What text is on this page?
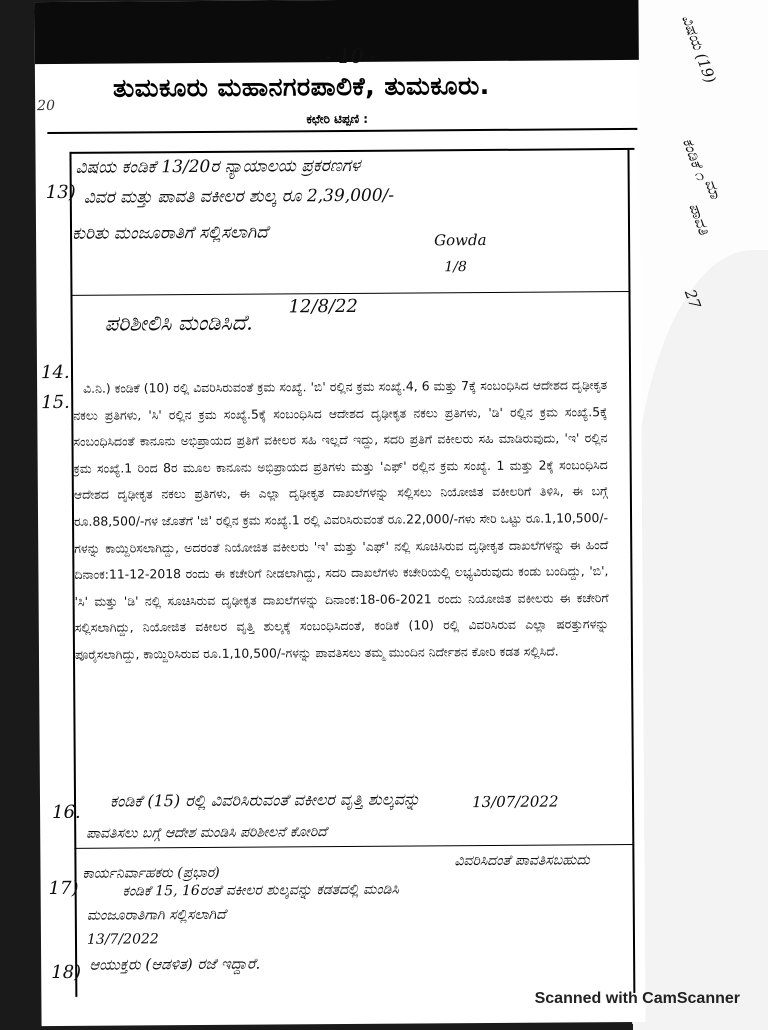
ವಿಷಯ (19)
ಕಂಡಿಕೆ ೧
ಪಾವತಿ
ಮಾ
27
- 10 -
20
ತುಮಕೂರು ಮಹಾನಗರಪಾಲಿಕೆ, ತುಮಕೂರು.
ಕಛೇರಿ ಟಿಪ್ಪಣಿ :
13)
ವಿಷಯ ಕಂಡಿಕೆ 13/20ರ ನ್ಯಾಯಾಲಯ ಪ್ರಕರಣಗಳ
ವಿವರ ಮತ್ತು ಪಾವತಿ ವಕೀಲರ ಶುಲ್ಕ ರೂ 2,39,000/-
ಕುರಿತು ಮಂಜೂರಾತಿಗೆ ಸಲ್ಲಿಸಲಾಗಿದೆ	Gowda
1/8
14.
ಪರಿಶೀಲಿಸಿ ಮಂಡಿಸಿದೆ.
12/8/22
15.

ವಿ.ನಿ.) ಕಂಡಿಕೆ (10) ರಲ್ಲಿ ವಿವರಿಸಿರುವಂತೆ ಕ್ರಮ ಸಂಖ್ಯೆ. 'ಬಿ' ರಲ್ಲಿನ ಕ್ರಮ ಸಂಖ್ಯೆ.4, 6 ಮತ್ತು 7ಕ್ಕೆ ಸಂಬಂಧಿಸಿದ ಆದೇಶದ ದೃಢೀಕೃತ ನಕಲು ಪ್ರತಿಗಳು, 'ಸಿ' ರಲ್ಲಿನ ಕ್ರಮ ಸಂಖ್ಯೆ.5ಕ್ಕೆ ಸಂಬಂಧಿಸಿದ ಆದೇಶದ ದೃಢೀಕೃತ ನಕಲು ಪ್ರತಿಗಳು, 'ಡಿ' ರಲ್ಲಿನ ಕ್ರಮ ಸಂಖ್ಯೆ.5ಕ್ಕೆ ಸಂಬಂಧಿಸಿದಂತೆ ಕಾನೂನು ಅಭಿಪ್ರಾಯದ ಪ್ರತಿಗೆ ವಕೀಲರ ಸಹಿ ಇಲ್ಲದೆ ಇದ್ದು, ಸದರಿ ಪ್ರತಿಗೆ ವಕೀಲರು ಸಹಿ ಮಾಡಿರುವುದು, 'ಇ' ರಲ್ಲಿನ ಕ್ರಮ ಸಂಖ್ಯೆ.1 ರಿಂದ 8ರ ಮೂಲ ಕಾನೂನು ಅಭಿಪ್ರಾಯದ ಪ್ರತಿಗಳು ಮತ್ತು 'ಎಫ್' ರಲ್ಲಿನ ಕ್ರಮ ಸಂಖ್ಯೆ. 1 ಮತ್ತು 2ಕ್ಕೆ ಸಂಬಂಧಿಸಿದ ಆದೇಶದ ದೃಢೀಕೃತ ನಕಲು ಪ್ರತಿಗಳು, ಈ ಎಲ್ಲಾ ದೃಢೀಕೃತ ದಾಖಲೆಗಳನ್ನು ಸಲ್ಲಿಸಲು ನಿಯೋಜಿತ ವಕೀಲರಿಗೆ ತಿಳಿಸಿ, ಈ ಬಗ್ಗೆ ರೂ.88,500/-ಗಳ ಜೊತೆಗೆ 'ಜಿ' ರಲ್ಲಿನ ಕ್ರಮ ಸಂಖ್ಯೆ.1 ರಲ್ಲಿ ವಿವರಿಸಿರುವಂತೆ ರೂ.22,000/-ಗಳು ಸೇರಿ ಒಟ್ಟು ರೂ.1,10,500/-ಗಳನ್ನು ಕಾಯ್ದಿರಿಸಲಾಗಿದ್ದು, ಅದರಂತೆ ನಿಯೋಜಿತ ವಕೀಲರು 'ಇ' ಮತ್ತು 'ಎಫ್' ನಲ್ಲಿ ಸೂಚಿಸಿರುವ ದೃಢೀಕೃತ ದಾಖಲೆಗಳನ್ನು ಈ ಹಿಂದೆ ದಿನಾಂಕ:11-12-2018 ರಂದು ಈ ಕಚೇರಿಗೆ ನೀಡಲಾಗಿದ್ದು, ಸದರಿ ದಾಖಲೆಗಳು ಕಚೇರಿಯಲ್ಲಿ ಲಭ್ಯವಿರುವುದು ಕಂಡು ಬಂದಿದ್ದು, 'ಬಿ', 'ಸಿ' ಮತ್ತು 'ಡಿ' ನಲ್ಲಿ ಸೂಚಿಸಿರುವ ದೃಢೀಕೃತ ದಾಖಲೆಗಳನ್ನು ದಿನಾಂಕ:18-06-2021 ರಂದು ನಿಯೋಜಿತ ವಕೀಲರು ಈ ಕಚೇರಿಗೆ ಸಲ್ಲಿಸಲಾಗಿದ್ದು, ನಿಯೋಜಿತ ವಕೀಲರ ವೃತ್ತಿ ಶುಲ್ಕಕ್ಕೆ ಸಂಬಂಧಿಸಿದಂತೆ, ಕಂಡಿಕೆ (10) ರಲ್ಲಿ ವಿವರಿಸಿರುವ ಎಲ್ಲಾ ಷರತ್ತುಗಳನ್ನು ಪೂರೈಸಲಾಗಿದ್ದು, ಕಾಯ್ದಿರಿಸಿರುವ ರೂ.1,10,500/-ಗಳನ್ನು ಪಾವತಿಸಲು ತಮ್ಮ ಮುಂದಿನ ನಿರ್ದೇಶನ ಕೋರಿ ಕಡತ ಸಲ್ಲಿಸಿದೆ.

16.
ಕಂಡಿಕೆ (15) ರಲ್ಲಿ ವಿವರಿಸಿರುವಂತೆ ವಕೀಲರ ವೃತ್ತಿ ಶುಲ್ಕವನ್ನು
ಪಾವತಿಸಲು ಬಗ್ಗೆ ಆದೇಶ ಮಂಡಿಸಿ ಪರಿಶೀಲನೆ ಕೋರಿದೆ
13/07/2022
17)
ಕಾರ್ಯನಿರ್ವಾಹಕರು (ಪ್ರಭಾರ)
ವಿವರಿಸಿದಂತೆ ಪಾವತಿಸಬಹುದು
ಕಂಡಿಕೆ 15, 16ರಂತೆ ವಕೀಲರ ಶುಲ್ಕವನ್ನು ಕಡತದಲ್ಲಿ ಮಂಡಿಸಿ
ಮಂಜೂರಾತಿಗಾಗಿ ಸಲ್ಲಿಸಲಾಗಿದೆ
13/7/2022
18) ಆಯುಕ್ತರು (ಆಡಳಿತ) ರಜೆ ಇದ್ದಾರೆ.
Scanned with CamScanner
